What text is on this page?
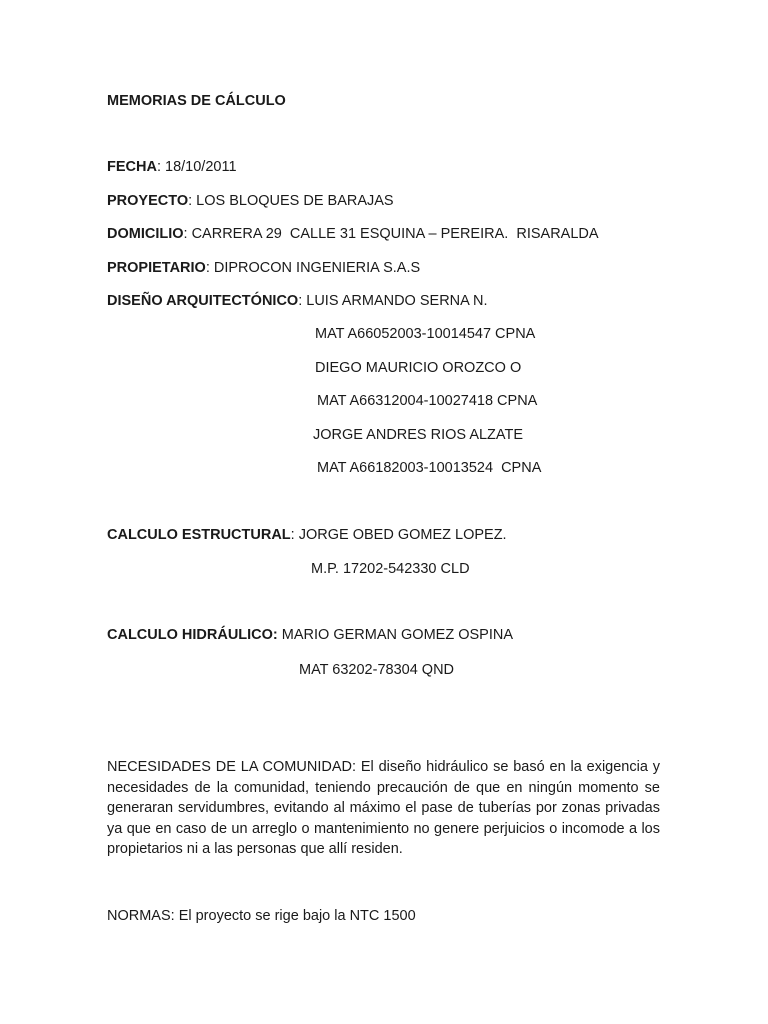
MEMORIAS DE CÁLCULO
FECHA: 18/10/2011
PROYECTO: LOS BLOQUES DE BARAJAS
DOMICILIO: CARRERA 29  CALLE 31 ESQUINA – PEREIRA.  RISARALDA
PROPIETARIO: DIPROCON INGENIERIA S.A.S
DISEÑO ARQUITECTÓNICO: LUIS ARMANDO SERNA N.
MAT A66052003-10014547 CPNA
DIEGO MAURICIO OROZCO O
MAT A66312004-10027418 CPNA
JORGE ANDRES RIOS ALZATE
MAT A66182003-10013524  CPNA
CALCULO ESTRUCTURAL: JORGE OBED GOMEZ LOPEZ.
M.P. 17202-542330 CLD
CALCULO HIDRÁULICO: MARIO GERMAN GOMEZ OSPINA
MAT 63202-78304 QND
NECESIDADES DE LA COMUNIDAD: El diseño hidráulico se basó en la exigencia y necesidades de la comunidad, teniendo precaución de que en ningún momento se generaran servidumbres, evitando al máximo el pase de tuberías por zonas privadas ya que en caso de un arreglo o mantenimiento no genere perjuicios o incomode a los propietarios ni a las personas que allí residen.
NORMAS: El proyecto se rige bajo la NTC 1500
